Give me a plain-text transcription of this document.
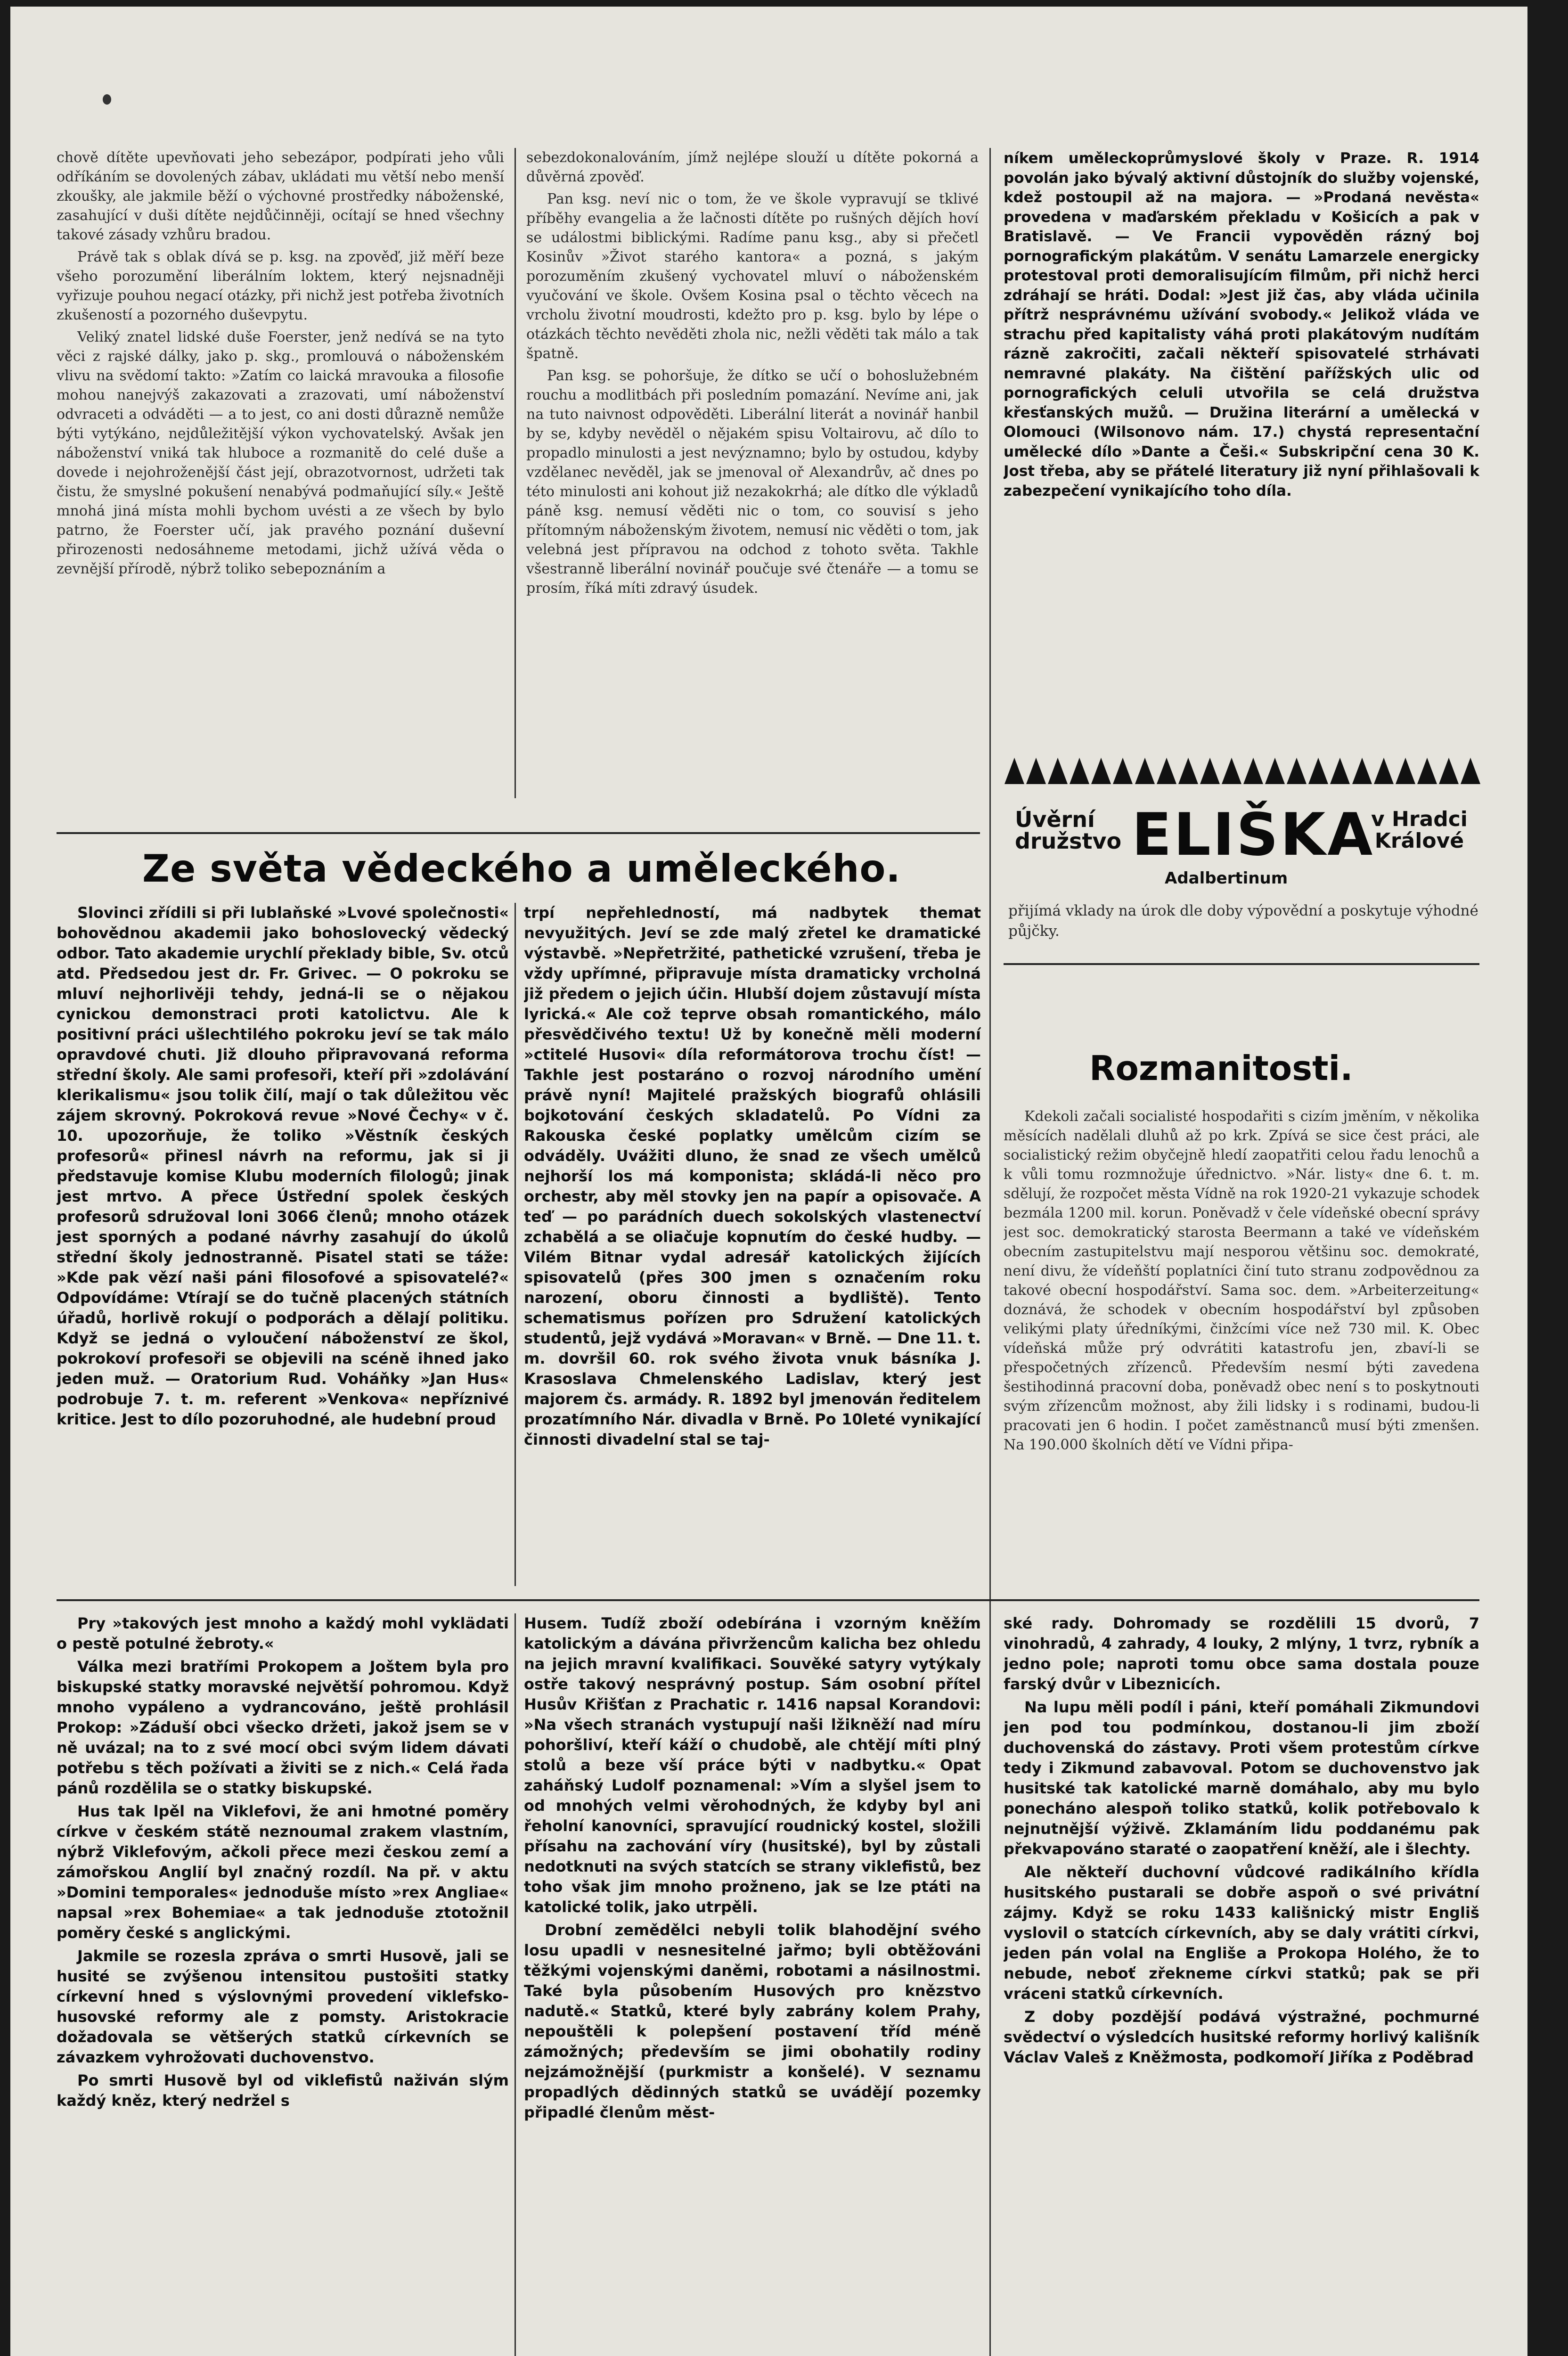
chově dítěte upevňovati jeho sebezápor, podpírati jeho vůli odříkáním se dovolených zábav, ukládati mu větší nebo menší zkoušky, ale jakmile běží o výchovné prostředky náboženské, zasahující v duši dítěte nejdůčinněji, ocítají se hned všechny takové zásady vzhůru bradou.

Právě tak s oblak dívá se p. ksg. na zpověď, již měří beze všeho porozumění liberálním loktem, který nejsnadněji vyřizuje pouhou negací otázky, při nichž jest potřeba životních zkušeností a pozorného duševpytu.

Veliký znatel lidské duše Foerster, jenž nedívá se na tyto věci z rajské dálky, jako p. skg., promlouvá o náboženském vlivu na svědomí takto: »Zatím co laická mravouka a filosofie mohou nanejvýš zakazovati a zrazovati, umí náboženství odvraceti a odváděti — a to jest, co ani dosti důrazně nemůže býti vytýkáno, nejdůležitější výkon vychovatelský. Avšak jen náboženství vniká tak hluboce a rozmanitě do celé duše a dovede i nejohroženější část její, obrazotvornost, udržeti tak čistu, že smyslné pokušení nenabývá podmaňující síly.« Ještě mnohá jiná místa mohli bychom uvésti a ze všech by bylo patrno, že Foerster učí, jak pravého poznání duševní přirozenosti nedosáhneme metodami, jichž užívá věda o zevnější přírodě, nýbrž toliko sebepoznáním a

sebezdokonalováním, jímž nejlépe slouží u dítěte pokorná a důvěrná zpověď.

Pan ksg. neví nic o tom, že ve škole vypravují se tklivé příběhy evangelia a že lačnosti dítěte po rušných dějích hoví se událostmi biblickými. Radíme panu ksg., aby si přečetl Kosinův »Život starého kantora« a pozná, s jakým porozuměním zkušený vychovatel mluví o náboženském vyučování ve škole. Ovšem Kosina psal o těchto věcech na vrcholu životní moudrosti, kdežto pro p. ksg. bylo by lépe o otázkách těchto nevěděti zhola nic, nežli věděti tak málo a tak špatně.

Pan ksg. se pohoršuje, že dítko se učí o bohoslužebném rouchu a modlitbách při posledním pomazání. Nevíme ani, jak na tuto naivnost odpověděti. Liberální literát a novinář hanbil by se, kdyby nevěděl o nějakém spisu Voltairovu, ač dílo to propadlo minulosti a jest nevýznamno; bylo by ostudou, kdyby vzdělanec nevěděl, jak se jmenoval oř Alexandrův, ač dnes po této minulosti ani kohout již nezakokrhá; ale dítko dle výkladů páně ksg. nemusí věděti nic o tom, co souvisí s jeho přítomným náboženským životem, nemusí nic věděti o tom, jak velebná jest přípravou na odchod z tohoto světa. Takhle všestranně liberální novinář poučuje své čtenáře — a tomu se prosím, říká míti zdravý úsudek.

níkem uměleckoprůmyslové školy v Praze. R. 1914 povolán jako bývalý aktivní důstojník do služby vojenské, kdež postoupil až na majora. — »Prodaná nevěsta« provedena v maďarském překladu v Košicích a pak v Bratislavě. — Ve Francii vypověděn rázný boj pornografickým plakátům. V senátu Lamarzele energicky protestoval proti demoralisujícím filmům, při nichž herci zdráhají se hráti. Dodal: »Jest již čas, aby vláda učinila přítrž nesprávnému užívání svobody.« Jelikož vláda ve strachu před kapitalisty váhá proti plakátovým nudítám rázně zakročiti, začali někteří spisovatelé strhávati nemravné plakáty. Na čištění pařížských ulic od pornografických celuli utvořila se celá družstva křesťanských mužů. — Družina literární a umělecká v Olomouci (Wilsonovo nám. 17.) chystá representační umělecké dílo »Dante a Češi.« Subskripční cena 30 K. Jost třeba, aby se přátelé literatury již nyní přihlašovali k zabezpečení vynikajícího toho díla.

Úvěrní
družstvo ELIŠKA
v Hradci
Králové
Adalbertinum
přijímá vklady na úrok dle doby výpovědní a poskytuje výhodné půjčky.
Ze světa vědeckého a uměleckého.

Slovinci zřídili si při lublaňské »Lvové společnosti« bohovědnou akademii jako bohoslovecký vědecký odbor. Tato akademie urychlí překlady bible, Sv. otců atd. Předsedou jest dr. Fr. Grivec. — O pokroku se mluví nejhorlivěji tehdy, jedná-li se o nějakou cynickou demonstraci proti katolictvu. Ale k positivní práci ušlechtilého pokroku jeví se tak málo opravdové chuti. Již dlouho připravovaná reforma střední školy. Ale sami profesoři, kteří při »zdolávání klerikalismu« jsou tolik čilí, mají o tak důležitou věc zájem skrovný. Pokroková revue »Nové Čechy« v č. 10. upozorňuje, že toliko »Věstník českých profesorů« přinesl návrh na reformu, jak si ji představuje komise Klubu moderních filologů; jinak jest mrtvo. A přece Ústřední spolek českých profesorů sdružoval loni 3066 členů; mnoho otázek jest sporných a podané návrhy zasahují do úkolů střední školy jednostranně. Pisatel stati se táže: »Kde pak vězí naši páni filosofové a spisovatelé?« Odpovídáme: Vtírají se do tučně placených státních úřadů, horlivě rokují o podporách a dělají politiku. Když se jedná o vyloučení náboženství ze škol, pokrokoví profesoři se objevili na scéně ihned jako jeden muž. — Oratorium Rud. Voháňky »Jan Hus« podrobuje 7. t. m. referent »Venkova« nepříznivé kritice. Jest to dílo pozoruhodné, ale hudební proud

trpí nepřehledností, má nadbytek themat nevyužitých. Jeví se zde malý zřetel ke dramatické výstavbě. »Nepřetržité, pathetické vzrušení, třeba je vždy upřímné, připravuje místa dramaticky vrcholná již předem o jejich účin. Hlubší dojem zůstavují místa lyrická.« Ale což teprve obsah romantického, málo přesvědčivého textu! Už by konečně měli moderní »ctitelé Husovi« díla reformátorova trochu číst! — Takhle jest postaráno o rozvoj národního umění právě nyní! Majitelé pražských biografů ohlásili bojkotování českých skladatelů. Po Vídni za Rakouska české poplatky umělcům cizím se odváděly. Uvážiti dluno, že snad ze všech umělců nejhorší los má komponista; skládá-li něco pro orchestr, aby měl stovky jen na papír a opisovače. A teď — po parádních duech sokolských vlastenectví zchabělá a se oliačuje kopnutím do české hudby. — Vilém Bitnar vydal adresář katolických žijících spisovatelů (přes 300 jmen s označením roku narození, oboru činnosti a bydliště). Tento schematismus pořízen pro Sdružení katolických studentů, jejž vydává »Moravan« v Brně. — Dne 11. t. m. dovršil 60. rok svého života vnuk básníka J. Krasoslava Chmelenského Ladislav, který jest majorem čs. armády. R. 1892 byl jmenován ředitelem prozatímního Nár. divadla v Brně. Po 10leté vynikající činnosti divadelní stal se taj-

Rozmanitosti.

Kdekoli začali socialisté hospodařiti s cizím jměním, v několika měsících nadělali dluhů až po krk. Zpívá se sice čest práci, ale socialistický režim obyčejně hledí zaopatřiti celou řadu lenochů a k vůli tomu rozmnožuje úřednictvo. »Nár. listy« dne 6. t. m. sdělují, že rozpočet města Vídně na rok 1920-21 vykazuje schodek bezmála 1200 mil. korun. Poněvadž v čele vídeňské obecní správy jest soc. demokratický starosta Beermann a také ve vídeňském obecním zastupitelstvu mají nesporou většinu soc. demokraté, není divu, že vídeňští poplatníci činí tuto stranu zodpovědnou za takové obecní hospodářství. Sama soc. dem. »Arbeiterzeitung« doznává, že schodek v obecním hospodářství byl způsoben velikými platy úředníkými, činžcími více než 730 mil. K. Obec vídeňská může prý odvrátiti katastrofu jen, zbaví-li se přespočetných zřízenců. Především nesmí býti zavedena šestihodinná pracovní doba, poněvadž obec není s to poskytnouti svým zřízencům možnost, aby žili lidsky i s rodinami, budou-li pracovati jen 6 hodin. I počet zaměstnanců musí býti zmenšen. Na 190.000 školních dětí ve Vídni připa-

Pry »takových jest mnoho a každý mohl vyklädati o pestě potulné žebroty.«

Válka mezi bratřími Prokopem a Joštem byla pro biskupské statky moravské největší pohromou. Když mnoho vypáleno a vydrancováno, ještě prohlásil Prokop: »Záduší obci všecko držeti, jakož jsem se v ně uvázal; na to z své mocí obci svým lidem dávati potřebu s těch požívati a živiti se z nich.« Celá řada pánů rozdělila se o statky biskupské.

Hus tak lpěl na Viklefovi, že ani hmotné poměry církve v českém státě neznoumal zrakem vlastním, nýbrž Viklefovým, ačkoli přece mezi českou zemí a zámořskou Anglií byl značný rozdíl. Na př. v aktu »Domini temporales« jednoduše místo »rex Angliae« napsal »rex Bohemiae« a tak jednoduše ztotožnil poměry české s anglickými.

Jakmile se rozesla zpráva o smrti Husově, jali se husité se zvýšenou intensitou pustošiti statky církevní hned s výslovnými provedení viklefsko-husovské reformy ale z pomsty. Aristokracie dožadovala se většerých statků církevních se závazkem vyhrožovati duchovenstvo.

Po smrti Husově byl od viklefistů naživán slým každý kněz, který nedržel s

Husem. Tudíž zboží odebírána i vzorným kněžím katolickým a dávána přivržencům kalicha bez ohledu na jejich mravní kvalifikaci. Souvěké satyry vytýkaly ostře takový nesprávný postup. Sám osobní přítel Husův Křišťan z Prachatic r. 1416 napsal Korandovi: »Na všech stranách vystupují naši lžikněží nad míru pohoršliví, kteří káží o chudobě, ale chtějí míti plný stolů a beze vší práce býti v nadbytku.« Opat zaháňský Ludolf poznamenal: »Vím a slyšel jsem to od mnohých velmi věrohodných, že kdyby byl ani řeholní kanovníci, spravující roudnický kostel, složili přísahu na zachování víry (husitské), byl by zůstali nedotknuti na svých statcích se strany viklefistů, bez toho však jim mnoho prožneno, jak se lze ptáti na katolické tolik, jako utrpěli.

Drobní zemědělci nebyli tolik blahodějní svého losu upadli v nesnesitelné jařmo; byli obtěžováni těžkými vojenskými daněmi, robotami a násilnostmi. Také byla působením Husových pro knězstvo nadutě.« Statků, které byly zabrány kolem Prahy, nepouštěli k polepšení postavení tříd méně zámožných; především se jimi obohatily rodiny nejzámožnější (purkmistr a konšelé). V seznamu propadlých dědinných statků se uvádějí pozemky připadlé členům měst-

ské rady. Dohromady se rozdělili 15 dvorů, 7 vinohradů, 4 zahrady, 4 louky, 2 mlýny, 1 tvrz, rybník a jedno pole; naproti tomu obce sama dostala pouze farský dvůr v Libeznicích.

Na lupu měli podíl i páni, kteří pomáhali Zikmundovi jen pod tou podmínkou, dostanou-li jim zboží duchovenská do zástavy. Proti všem protestům církve tedy i Zikmund zabavoval. Potom se duchovenstvo jak husitské tak katolické marně domáhalo, aby mu bylo ponecháno alespoň toliko statků, kolik potřebovalo k nejnutnější výživě. Zklamáním lidu poddanému pak překvapováno staraté o zaopatření kněží, ale i šlechty.

Ale někteří duchovní vůdcové radikálního křídla husitského pustarali se dobře aspoň o své privátní zájmy. Když se roku 1433 kališnický mistr Engliš vyslovil o statcích církevních, aby se daly vrátiti církvi, jeden pán volal na Engliše a Prokopa Holého, že to nebude, neboť zřekneme církvi statků; pak se při vráceni statků církevních.

Z doby pozdější podává výstražné, pochmurné svědectví o výsledcích husitské reformy horlivý kališník Václav Valeš z Kněžmosta, podkomoří Jiříka z Poděbrad
